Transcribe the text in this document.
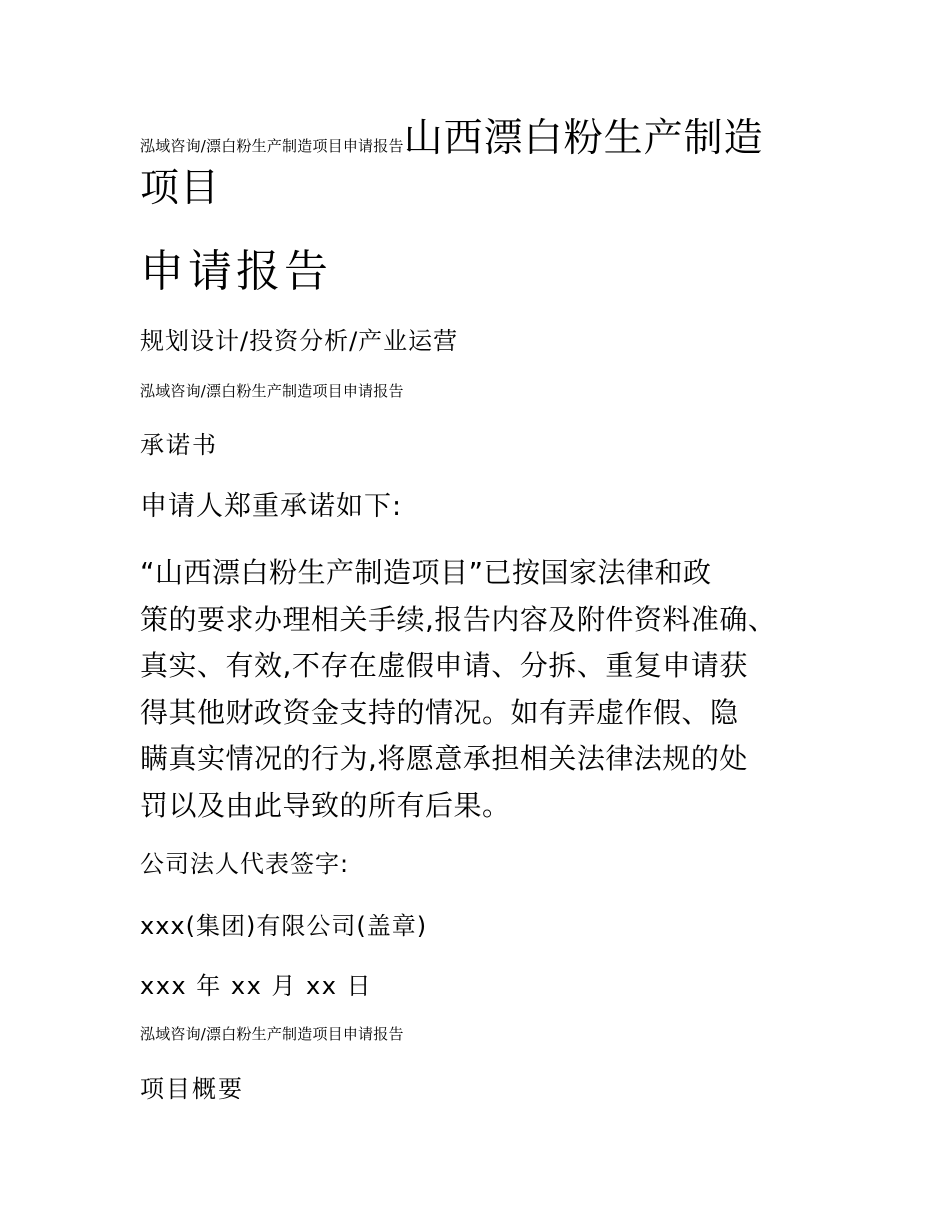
泓域咨询/漂白粉生产制造项目申请报告山西漂白粉生产制造

项目

申请报告

规划设计/投资分析/产业运营

泓域咨询/漂白粉生产制造项目申请报告

承诺书

申请人郑重承诺如下:

“山西漂白粉生产制造项目”已按国家法律和政
策的要求办理相关手续,报告内容及附件资料准确、
真实、有效,不存在虚假申请、分拆、重复申请获
得其他财政资金支持的情况。如有弄虚作假、隐
瞒真实情况的行为,将愿意承担相关法律法规的处
罚以及由此导致的所有后果。

公司法人代表签字:

xxx(集团)有限公司(盖章)

xxx 年 xx 月 xx 日

泓域咨询/漂白粉生产制造项目申请报告

项目概要
